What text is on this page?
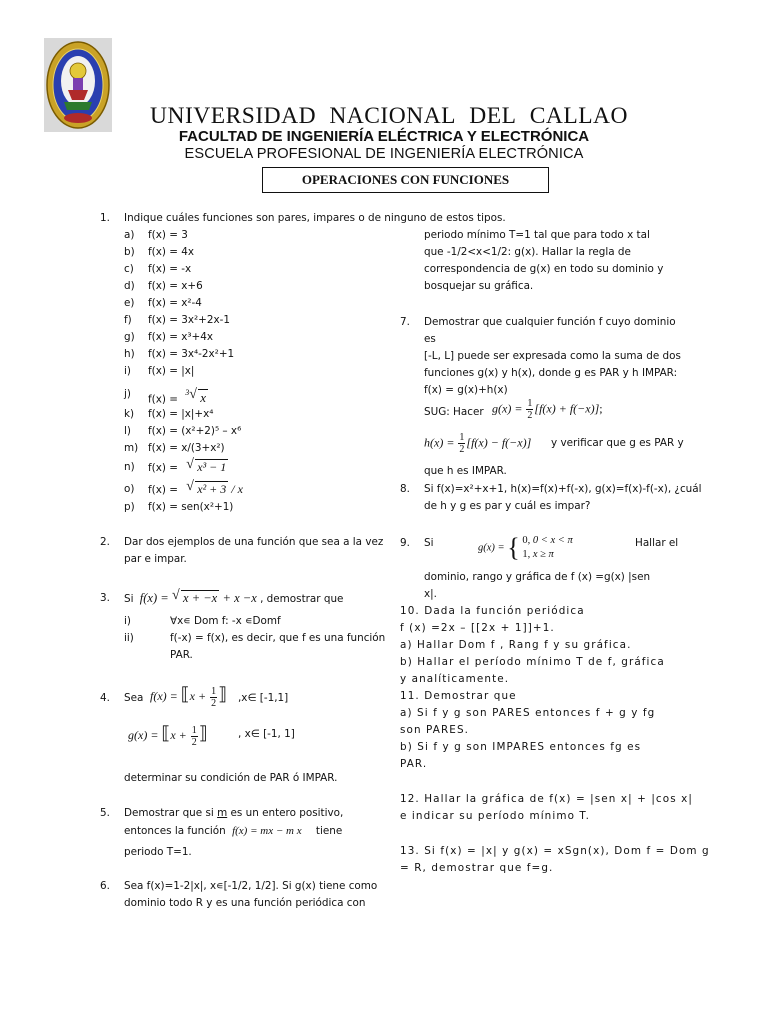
UNIVERSIDAD NACIONAL DEL CALLAO
FACULTAD DE INGENIERÍA ELÉCTRICA Y ELECTRÓNICA
ESCUELA PROFESIONAL DE INGENIERÍA ELECTRÓNICA
OPERACIONES CON FUNCIONES
1. Indique cuáles funciones son pares, impares o de ninguno de estos tipos.
a) f(x) = 3
b) f(x) = 4x
c) f(x) = -x
d) f(x) = x+6
e) f(x) = x²-4
f) f(x) = 3x²+2x-1
g) f(x) = x³+4x
h) f(x) = 3x⁴-2x²+1
i) f(x) = |x|
j) f(x) = $^3$ √ x
k) f(x) = |x|+x⁴
l) f(x) = (x²+2)⁵ – x⁶
m) f(x) = x/(3+x²)
n) f(x) = √ x³ − 1
o) f(x) = √ x² + 3 / x
p) f(x) = sen(x²+1)
2. Dar dos ejemplos de una función que sea a la vez
par e impar.
3. Si f(x) = √ x + −x + x −x , demostrar que
i)	∀x∊ Dom f: -x ∊Domf
ii)	f(-x) = f(x), es decir, que f es una función
PAR.
4. Sea f(x) = ⟦x + $\frac{1}{2}$ ⟧ ,x∈ [-1,1]
g(x) = ⟦x + $\frac{1}{2}$ ⟧	, x∈ [-1, 1]
determinar su condición de PAR ó IMPAR.
5. Demostrar que si m es un entero positivo,
entonces la función f(x) = mx − m x tiene
periodo T=1.
6. Sea f(x)=1-2|x|, x∊[-1/2, 1/2]. Si g(x) tiene como
dominio todo R y es una función periódica con
periodo mínimo T=1 tal que para todo x tal
que -1/2<x<1/2: g(x). Hallar la regla de
correspondencia de g(x) en todo su dominio y
bosquejar su gráfica.
7. Demostrar que cualquier función f cuyo dominio
es
[-L, L] puede ser expresada como la suma de dos
funciones g(x) y h(x), donde g es PAR y h IMPAR:
f(x) = g(x)+h(x)
SUG: Hacer $g(x) = \frac{1}{2} [f(x) + f(-x)]$;
$h(x) = \frac{1}{2} [f(x) - f(-x)]$ y verificar que g es PAR y
que h es IMPAR.
8. Si f(x)=x²+x+1, h(x)=f(x)+f(-x), g(x)=f(x)-f(-x), ¿cuál
de h y g es par y cuál es impar?
9. Si	g(x) = { 0, 0 < x < π
1, x ≥ π
Hallar el
dominio, rango y gráfica de f (x) =g(x) |sen
x|.
10. Dada la función periódica
f (x) =2x – [[2x + 1]]+1.
a) Hallar Dom f , Rang f y su gráfica.
b) Hallar el período mínimo T de f, gráfica
y analíticamente.
11. Demostrar que
a) Si f y g son PARES entonces f + g y fg
son PARES.
b) Si f y g son IMPARES entonces fg es
PAR.
12. Hallar la gráfica de f(x) = |sen x| + |cos x|
e indicar su período mínimo T.
13. Si f(x) = |x| y g(x) = xSgn(x), Dom f = Dom g
= R, demostrar que f=g.
